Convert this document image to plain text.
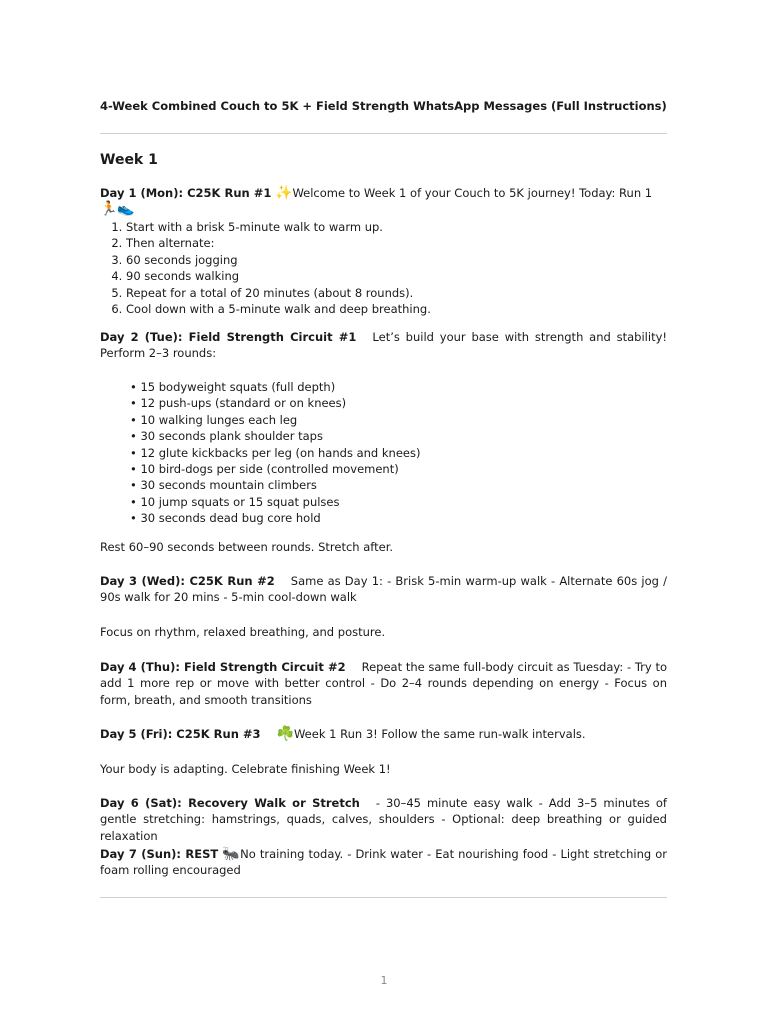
4-Week Combined Couch to 5K + Field Strength WhatsApp Messages (Full Instructions)
Week 1
Day 1 (Mon): C25K Run #1 ✨Welcome to Week 1 of your Couch to 5K journey! Today: Run 1 🏃👟
1. Start with a brisk 5-minute walk to warm up.
2. Then alternate:
3. 60 seconds jogging
4. 90 seconds walking
5. Repeat for a total of 20 minutes (about 8 rounds).
6. Cool down with a 5-minute walk and deep breathing.
Day 2 (Tue): Field Strength Circuit #1 Let’s build your base with strength and stability! Perform 2–3 rounds:
• 15 bodyweight squats (full depth)
• 12 push-ups (standard or on knees)
• 10 walking lunges each leg
• 30 seconds plank shoulder taps
• 12 glute kickbacks per leg (on hands and knees)
• 10 bird-dogs per side (controlled movement)
• 30 seconds mountain climbers
• 10 jump squats or 15 squat pulses
• 30 seconds dead bug core hold
Rest 60–90 seconds between rounds. Stretch after.
Day 3 (Wed): C25K Run #2 Same as Day 1: - Brisk 5-min warm-up walk - Alternate 60s jog / 90s walk for 20 mins - 5-min cool-down walk
Focus on rhythm, relaxed breathing, and posture.
Day 4 (Thu): Field Strength Circuit #2 Repeat the same full-body circuit as Tuesday: - Try to add 1 more rep or move with better control - Do 2–4 rounds depending on energy - Focus on form, breath, and smooth transitions
Day 5 (Fri): C25K Run #3 ☘️Week 1 Run 3! Follow the same run-walk intervals.
Your body is adapting. Celebrate finishing Week 1!
Day 6 (Sat): Recovery Walk or Stretch - 30–45 minute easy walk - Add 3–5 minutes of gentle stretching: hamstrings, quads, calves, shoulders - Optional: deep breathing or guided relaxation
Day 7 (Sun): REST 🐜No training today. - Drink water - Eat nourishing food - Light stretching or foam rolling encouraged
1
